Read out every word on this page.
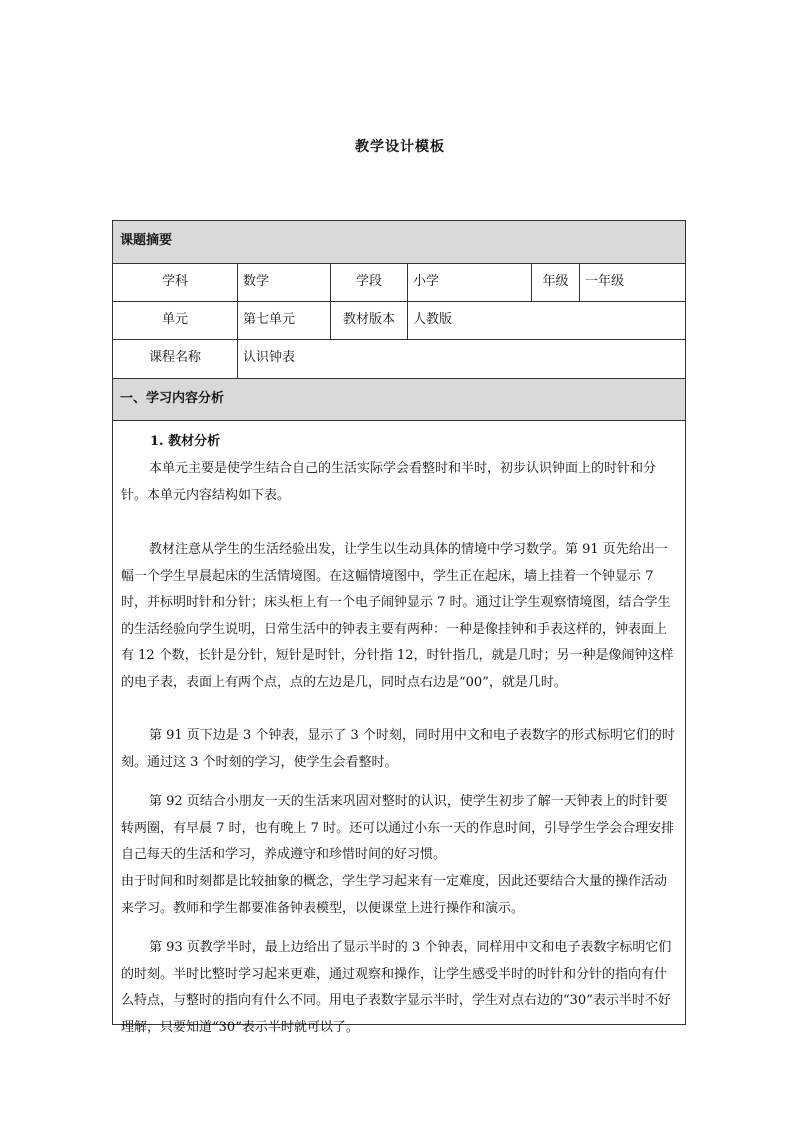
教学设计模板
课题摘要
学科	数学	学段	小学	年级	一年级
单元	第七单元	教材版本	人教版
课程名称	认识钟表
一、学习内容分析
1. 教材分析
本单元主要是使学生结合自己的生活实际学会看整时和半时，初步认识钟面上的时针和分针。本单元内容结构如下表。
教材注意从学生的生活经验出发，让学生以生动具体的情境中学习数学。第 91 页先给出一幅一个学生早晨起床的生活情境图。在这幅情境图中，学生正在起床，墙上挂着一个钟显示 7 时，并标明时针和分针；床头柜上有一个电子闹钟显示 7 时。通过让学生观察情境图，结合学生的生活经验向学生说明，日常生活中的钟表主要有两种：一种是像挂钟和手表这样的，钟表面上有 12 个数，长针是分针，短针是时针，分针指 12，时针指几，就是几时；另一种是像闹钟这样的电子表，表面上有两个点，点的左边是几，同时点右边是“00”，就是几时。
第 91 页下边是 3 个钟表，显示了 3 个时刻，同时用中文和电子表数字的形式标明它们的时刻。通过这 3 个时刻的学习，使学生会看整时。
第 92 页结合小朋友一天的生活来巩固对整时的认识，使学生初步了解一天钟表上的时针要转两圈，有早晨 7 时，也有晚上 7 时。还可以通过小东一天的作息时间，引导学生学会合理安排自己每天的生活和学习，养成遵守和珍惜时间的好习惯。
由于时间和时刻都是比较抽象的概念，学生学习起来有一定难度，因此还要结合大量的操作活动来学习。教师和学生都要准备钟表模型，以便课堂上进行操作和演示。
第 93 页教学半时，最上边给出了显示半时的 3 个钟表，同样用中文和电子表数字标明它们的时刻。半时比整时学习起来更难，通过观察和操作，让学生感受半时的时针和分针的指向有什么特点，与整时的指向有什么不同。用电子表数字显示半时，学生对点右边的“30”表示半时不好理解，只要知道“30”表示半时就可以了。
